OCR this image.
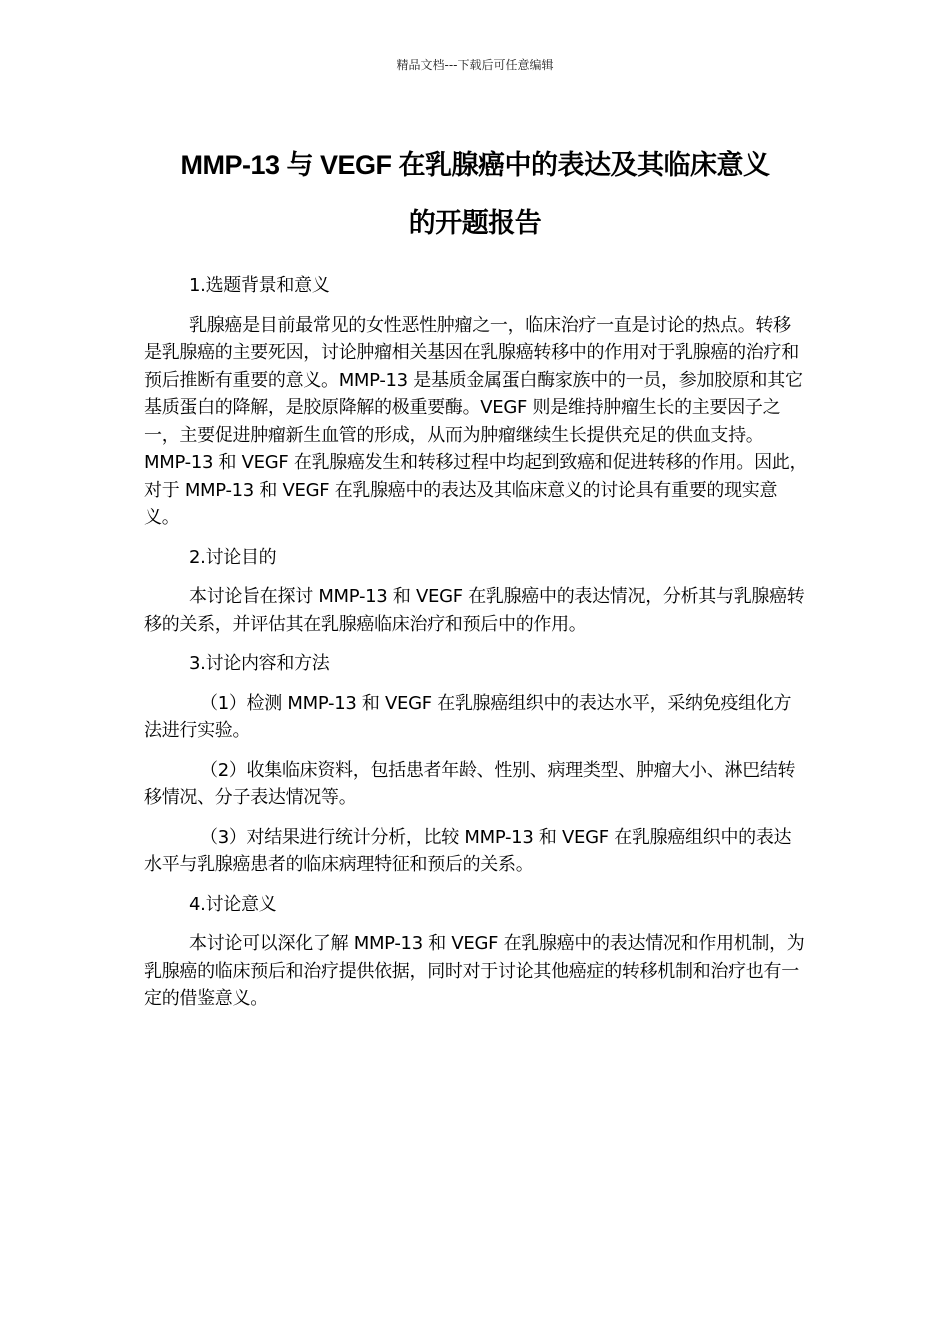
精品文档---下载后可任意编辑
MMP-13 与 VEGF 在乳腺癌中的表达及其临床意义
的开题报告

1.选题背景和意义

乳腺癌是目前最常见的女性恶性肿瘤之一，临床治疗一直是讨论的热点。转移是乳腺癌的主要死因，讨论肿瘤相关基因在乳腺癌转移中的作用对于乳腺癌的治疗和预后推断有重要的意义。MMP-13 是基质金属蛋白酶家族中的一员，参加胶原和其它基质蛋白的降解，是胶原降解的极重要酶。VEGF 则是维持肿瘤生长的主要因子之一，主要促进肿瘤新生血管的形成，从而为肿瘤继续生长提供充足的供血支持。MMP-13 和 VEGF 在乳腺癌发生和转移过程中均起到致癌和促进转移的作用。因此，对于 MMP-13 和 VEGF 在乳腺癌中的表达及其临床意义的讨论具有重要的现实意义。

2.讨论目的

本讨论旨在探讨 MMP-13 和 VEGF 在乳腺癌中的表达情况，分析其与乳腺癌转移的关系，并评估其在乳腺癌临床治疗和预后中的作用。

3.讨论内容和方法

（1）检测 MMP-13 和 VEGF 在乳腺癌组织中的表达水平，采纳免疫组化方法进行实验。

（2）收集临床资料，包括患者年龄、性别、病理类型、肿瘤大小、淋巴结转移情况、分子表达情况等。

（3）对结果进行统计分析，比较 MMP-13 和 VEGF 在乳腺癌组织中的表达水平与乳腺癌患者的临床病理特征和预后的关系。

4.讨论意义

本讨论可以深化了解 MMP-13 和 VEGF 在乳腺癌中的表达情况和作用机制，为乳腺癌的临床预后和治疗提供依据，同时对于讨论其他癌症的转移机制和治疗也有一定的借鉴意义。
